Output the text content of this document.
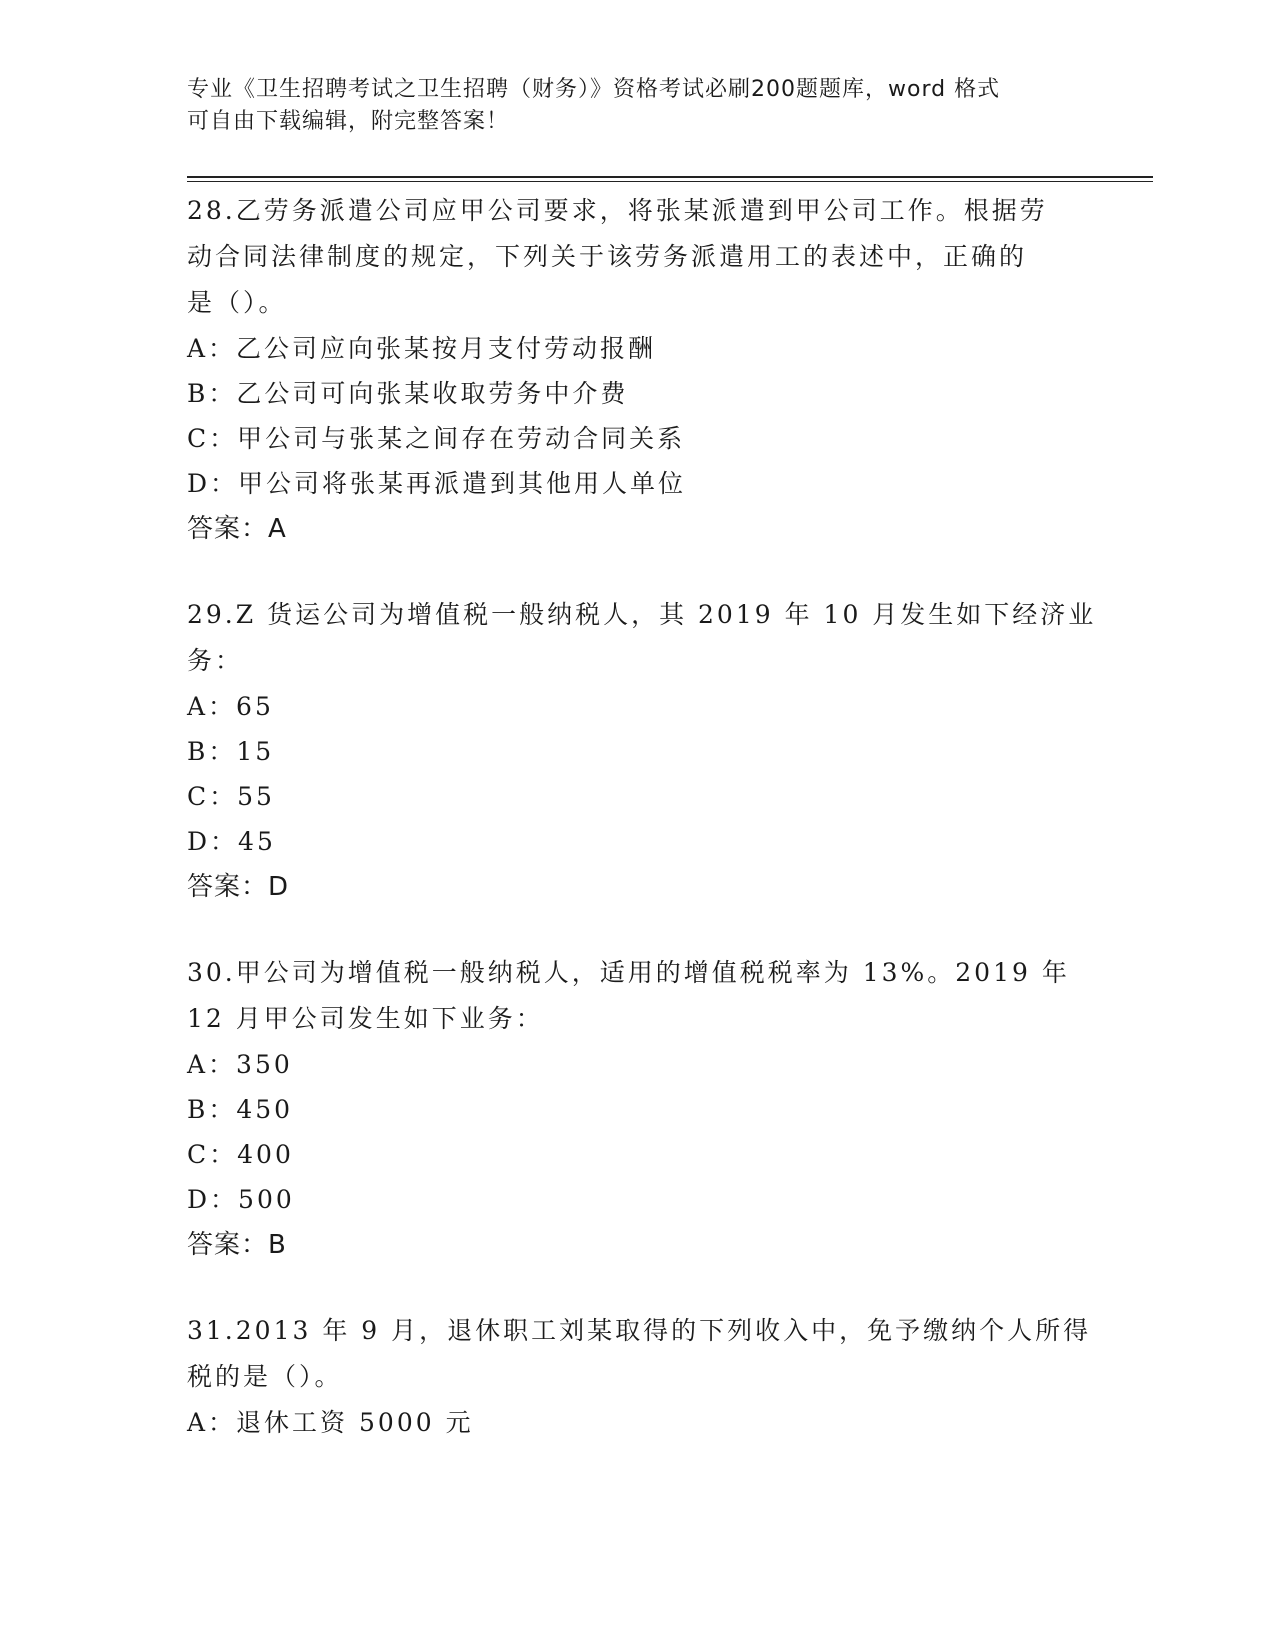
专业《卫生招聘考试之卫生招聘（财务）》资格考试必刷200题题库，word 格式
可自由下载编辑，附完整答案！
28.乙劳务派遣公司应甲公司要求，将张某派遣到甲公司工作。根据劳
动合同法律制度的规定，下列关于该劳务派遣用工的表述中，正确的
是（）。
A：乙公司应向张某按月支付劳动报酬
B：乙公司可向张某收取劳务中介费
C：甲公司与张某之间存在劳动合同关系
D：甲公司将张某再派遣到其他用人单位
答案：A
29.Z 货运公司为增值税一般纳税人，其 2019 年 10 月发生如下经济业
务：
A：65
B：15
C：55
D：45
答案：D
30.甲公司为增值税一般纳税人，适用的增值税税率为 13%。2019 年
12 月甲公司发生如下业务：
A：350
B：450
C：400
D：500
答案：B
31.2013 年 9 月，退休职工刘某取得的下列收入中，免予缴纳个人所得
税的是（）。
A：退休工资 5000 元
